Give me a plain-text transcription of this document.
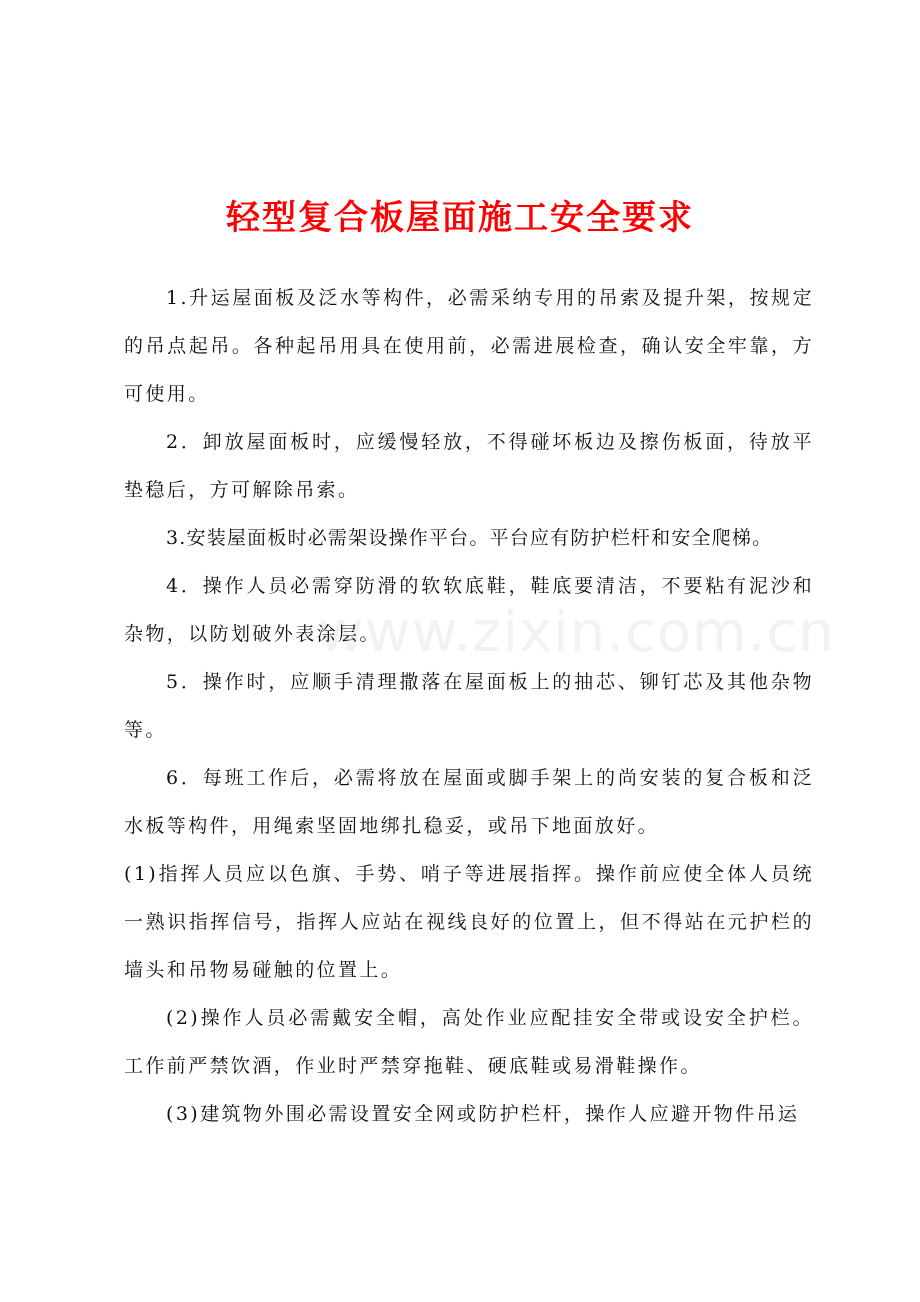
轻型复合板屋面施工安全要求
www.zixin.com.cn

1.升运屋面板及泛水等构件，必需采纳专用的吊索及提升架，按规定的吊点起吊。各种起吊用具在使用前，必需进展检查，确认安全牢靠，方可使用。

2．卸放屋面板时，应缓慢轻放，不得碰坏板边及擦伤板面，待放平垫稳后，方可解除吊索。

3.安装屋面板时必需架设操作平台。平台应有防护栏杆和安全爬梯。

4．操作人员必需穿防滑的软软底鞋，鞋底要清洁，不要粘有泥沙和杂物，以防划破外表涂层。

5．操作时，应顺手清理撒落在屋面板上的抽芯、铆钉芯及其他杂物等。

6．每班工作后，必需将放在屋面或脚手架上的尚安装的复合板和泛水板等构件，用绳索坚固地绑扎稳妥，或吊下地面放好。

(1)指挥人员应以色旗、手势、哨子等进展指挥。操作前应使全体人员统一熟识指挥信号，指挥人应站在视线良好的位置上，但不得站在元护栏的墙头和吊物易碰触的位置上。

(2)操作人员必需戴安全帽，高处作业应配挂安全带或设安全护栏。工作前严禁饮酒，作业时严禁穿拖鞋、硬底鞋或易滑鞋操作。

(3)建筑物外围必需设置安全网或防护栏杆，操作人应避开物件吊运
